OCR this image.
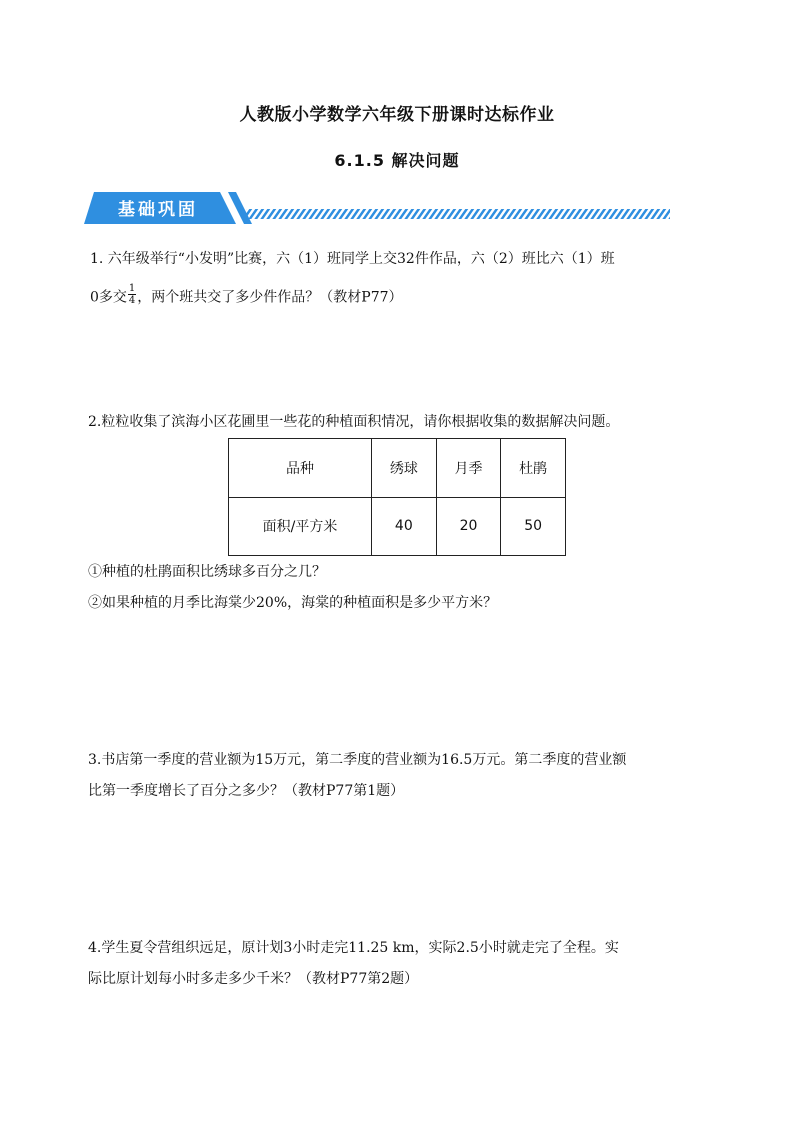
人教版小学数学六年级下册课时达标作业
6.1.5 解决问题
基础巩固
1. 六年级举行“小发明”比赛，六（1）班同学上交32件作品，六（2）班比六（1）班
0多交 $\frac{1}{4}$ ，两个班共交了多少件作品？（教材P77）
2.粒粒收集了滨海小区花圃里一些花的种植面积情况，请你根据收集的数据解决问题。
品种	绣球	月季	杜鹃
面积/平方米	40	20	50
①种植的杜鹃面积比绣球多百分之几？
②如果种植的月季比海棠少20%，海棠的种植面积是多少平方米？
3.书店第一季度的营业额为15万元，第二季度的营业额为16.5万元。第二季度的营业额
比第一季度增长了百分之多少？（教材P77第1题）
4.学生夏令营组织远足，原计划3小时走完11.25 km，实际2.5小时就走完了全程。实
际比原计划每小时多走多少千米？（教材P77第2题）
